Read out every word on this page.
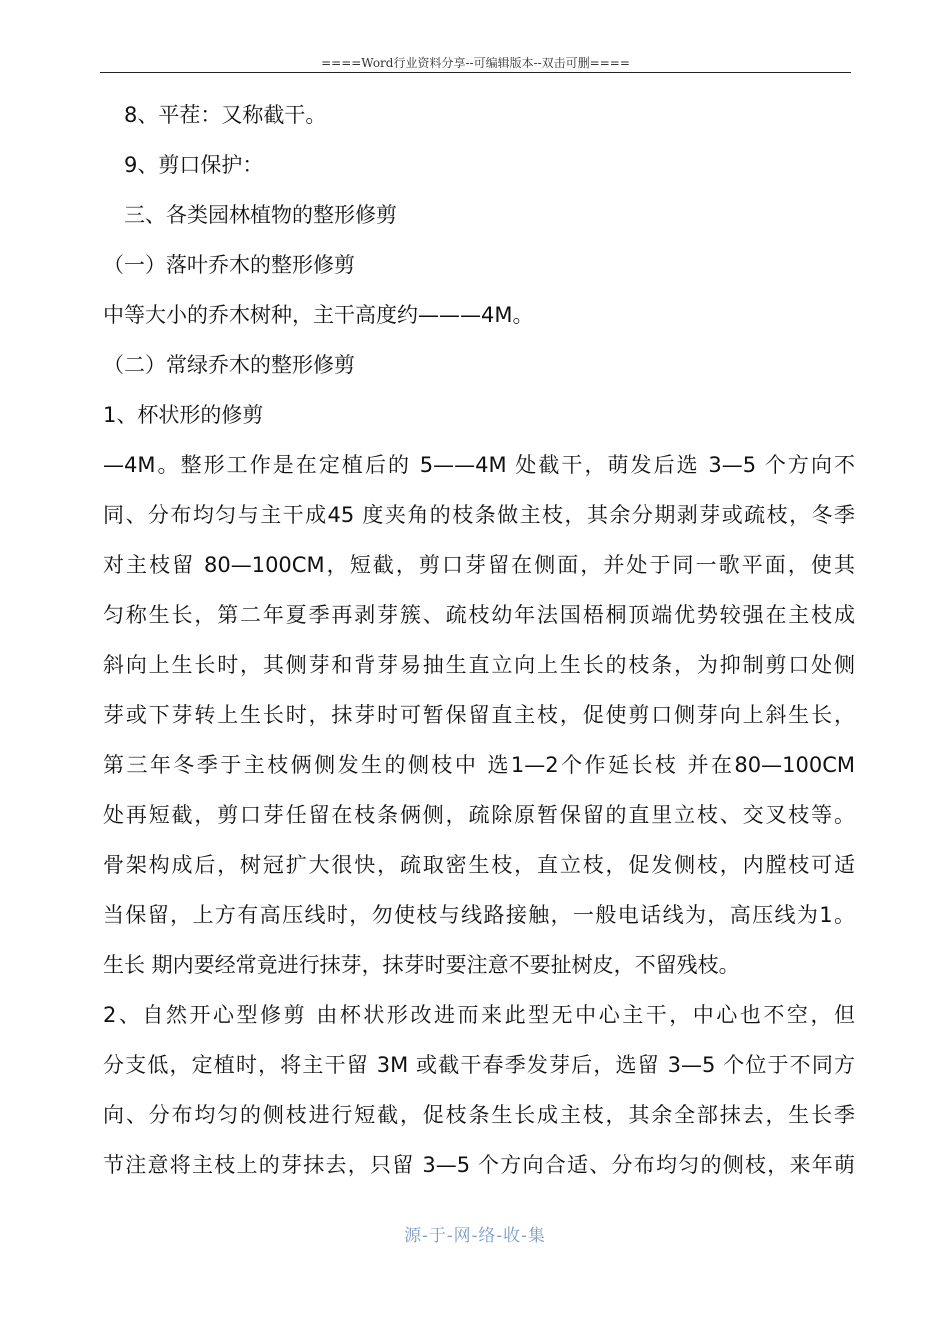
====Word行业资料分享--可编辑版本--双击可删====
8、平茬：又称截干。
9、剪口保护：
三、各类园林植物的整形修剪
（一）落叶乔木的整形修剪
中等大小的乔木树种，主干高度约———4M。
（二）常绿乔木的整形修剪
1、杯状形的修剪
—4M。整形工作是在定植后的 5——4M 处截干，萌发后选 3—5 个方向不
同、分布均匀与主干成45 度夹角的枝条做主枝，其余分期剥芽或疏枝，冬季
对主枝留 80—100CM，短截，剪口芽留在侧面，并处于同一歌平面，使其
匀称生长，第二年夏季再剥芽簇、疏枝幼年法国梧桐顶端优势较强在主枝成
斜向上生长时，其侧芽和背芽易抽生直立向上生长的枝条，为抑制剪口处侧
芽或下芽转上生长时，抹芽时可暂保留直主枝，促使剪口侧芽向上斜生长，
第三年冬季于主枝俩侧发生的侧枝中 选1—2个作延长枝 并在80—100CM
处再短截，剪口芽任留在枝条俩侧，疏除原暂保留的直里立枝、交叉枝等。
骨架构成后，树冠扩大很快，疏取密生枝，直立枝，促发侧枝，内膛枝可适
当保留，上方有高压线时，勿使枝与线路接触，一般电话线为，高压线为1。
生长 期内要经常竟进行抹芽，抹芽时要注意不要扯树皮，不留残枝。
2、自然开心型修剪 由杯状形改进而来此型无中心主干，中心也不空，但
分支低，定植时，将主干留 3M 或截干春季发芽后，选留 3—5 个位于不同方
向、分布均匀的侧枝进行短截，促枝条生长成主枝，其余全部抹去，生长季
节注意将主枝上的芽抹去，只留 3—5 个方向合适、分布均匀的侧枝，来年萌
源-于-网-络-收-集
